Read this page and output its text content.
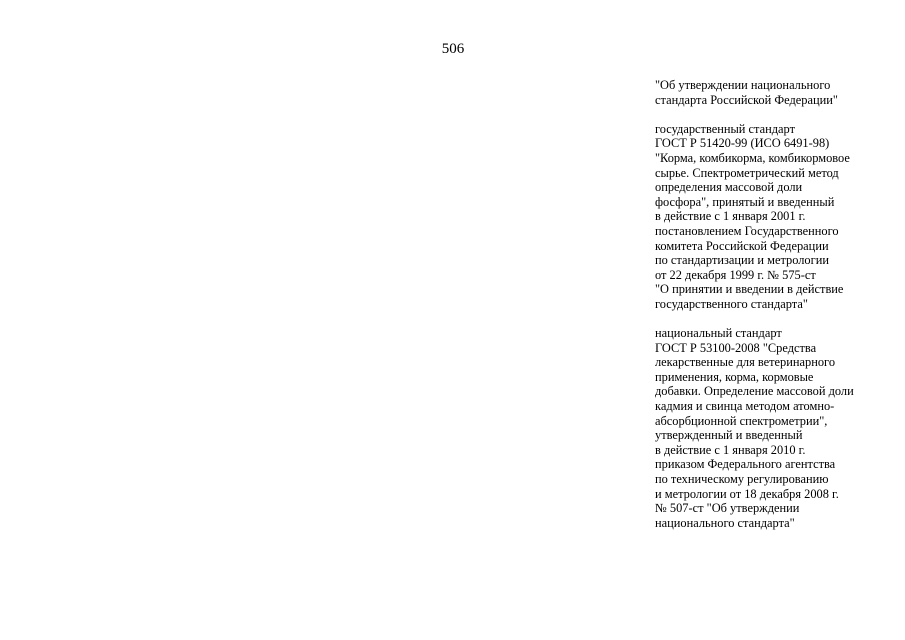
506

"Об утверждении национального
стандарта Российской Федерации"

государственный стандарт
ГОСТ Р 51420-99 (ИСО 6491-98)
"Корма, комбикорма, комбикормовое
сырье. Спектрометрический метод
определения массовой доли
фосфора", принятый и введенный
в действие с 1 января 2001 г.
постановлением Государственного
комитета Российской Федерации
по стандартизации и метрологии
от 22 декабря 1999 г. № 575-ст
"О принятии и введении в действие
государственного стандарта"

национальный стандарт
ГОСТ Р 53100-2008 "Средства
лекарственные для ветеринарного
применения, корма, кормовые
добавки. Определение массовой доли
кадмия и свинца методом атомно-
абсорбционной спектрометрии",
утвержденный и введенный
в действие с 1 января 2010 г.
приказом Федерального агентства
по техническому регулированию
и метрологии от 18 декабря 2008 г.
№ 507-ст "Об утверждении
национального стандарта"
